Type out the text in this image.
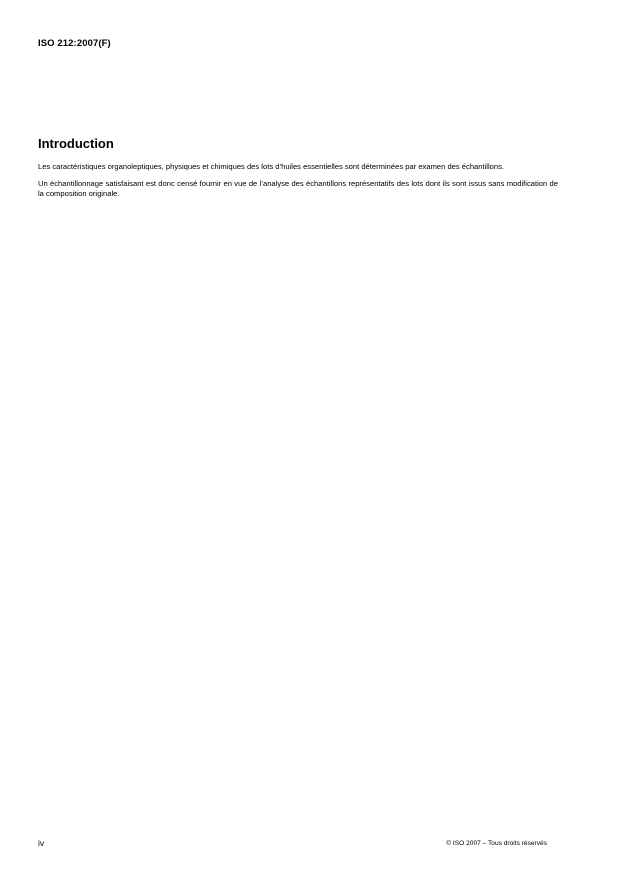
ISO 212:2007(F)
Introduction

Les caractéristiques organoleptiques, physiques et chimiques des lots d’huiles essentielles sont déterminées par examen des échantillons.

Un échantillonnage satisfaisant est donc censé fournir en vue de l’analyse des échantillons représentatifs des lots dont ils sont issus sans modification de la composition originale.

iv	© ISO 2007 – Tous droits réservés
